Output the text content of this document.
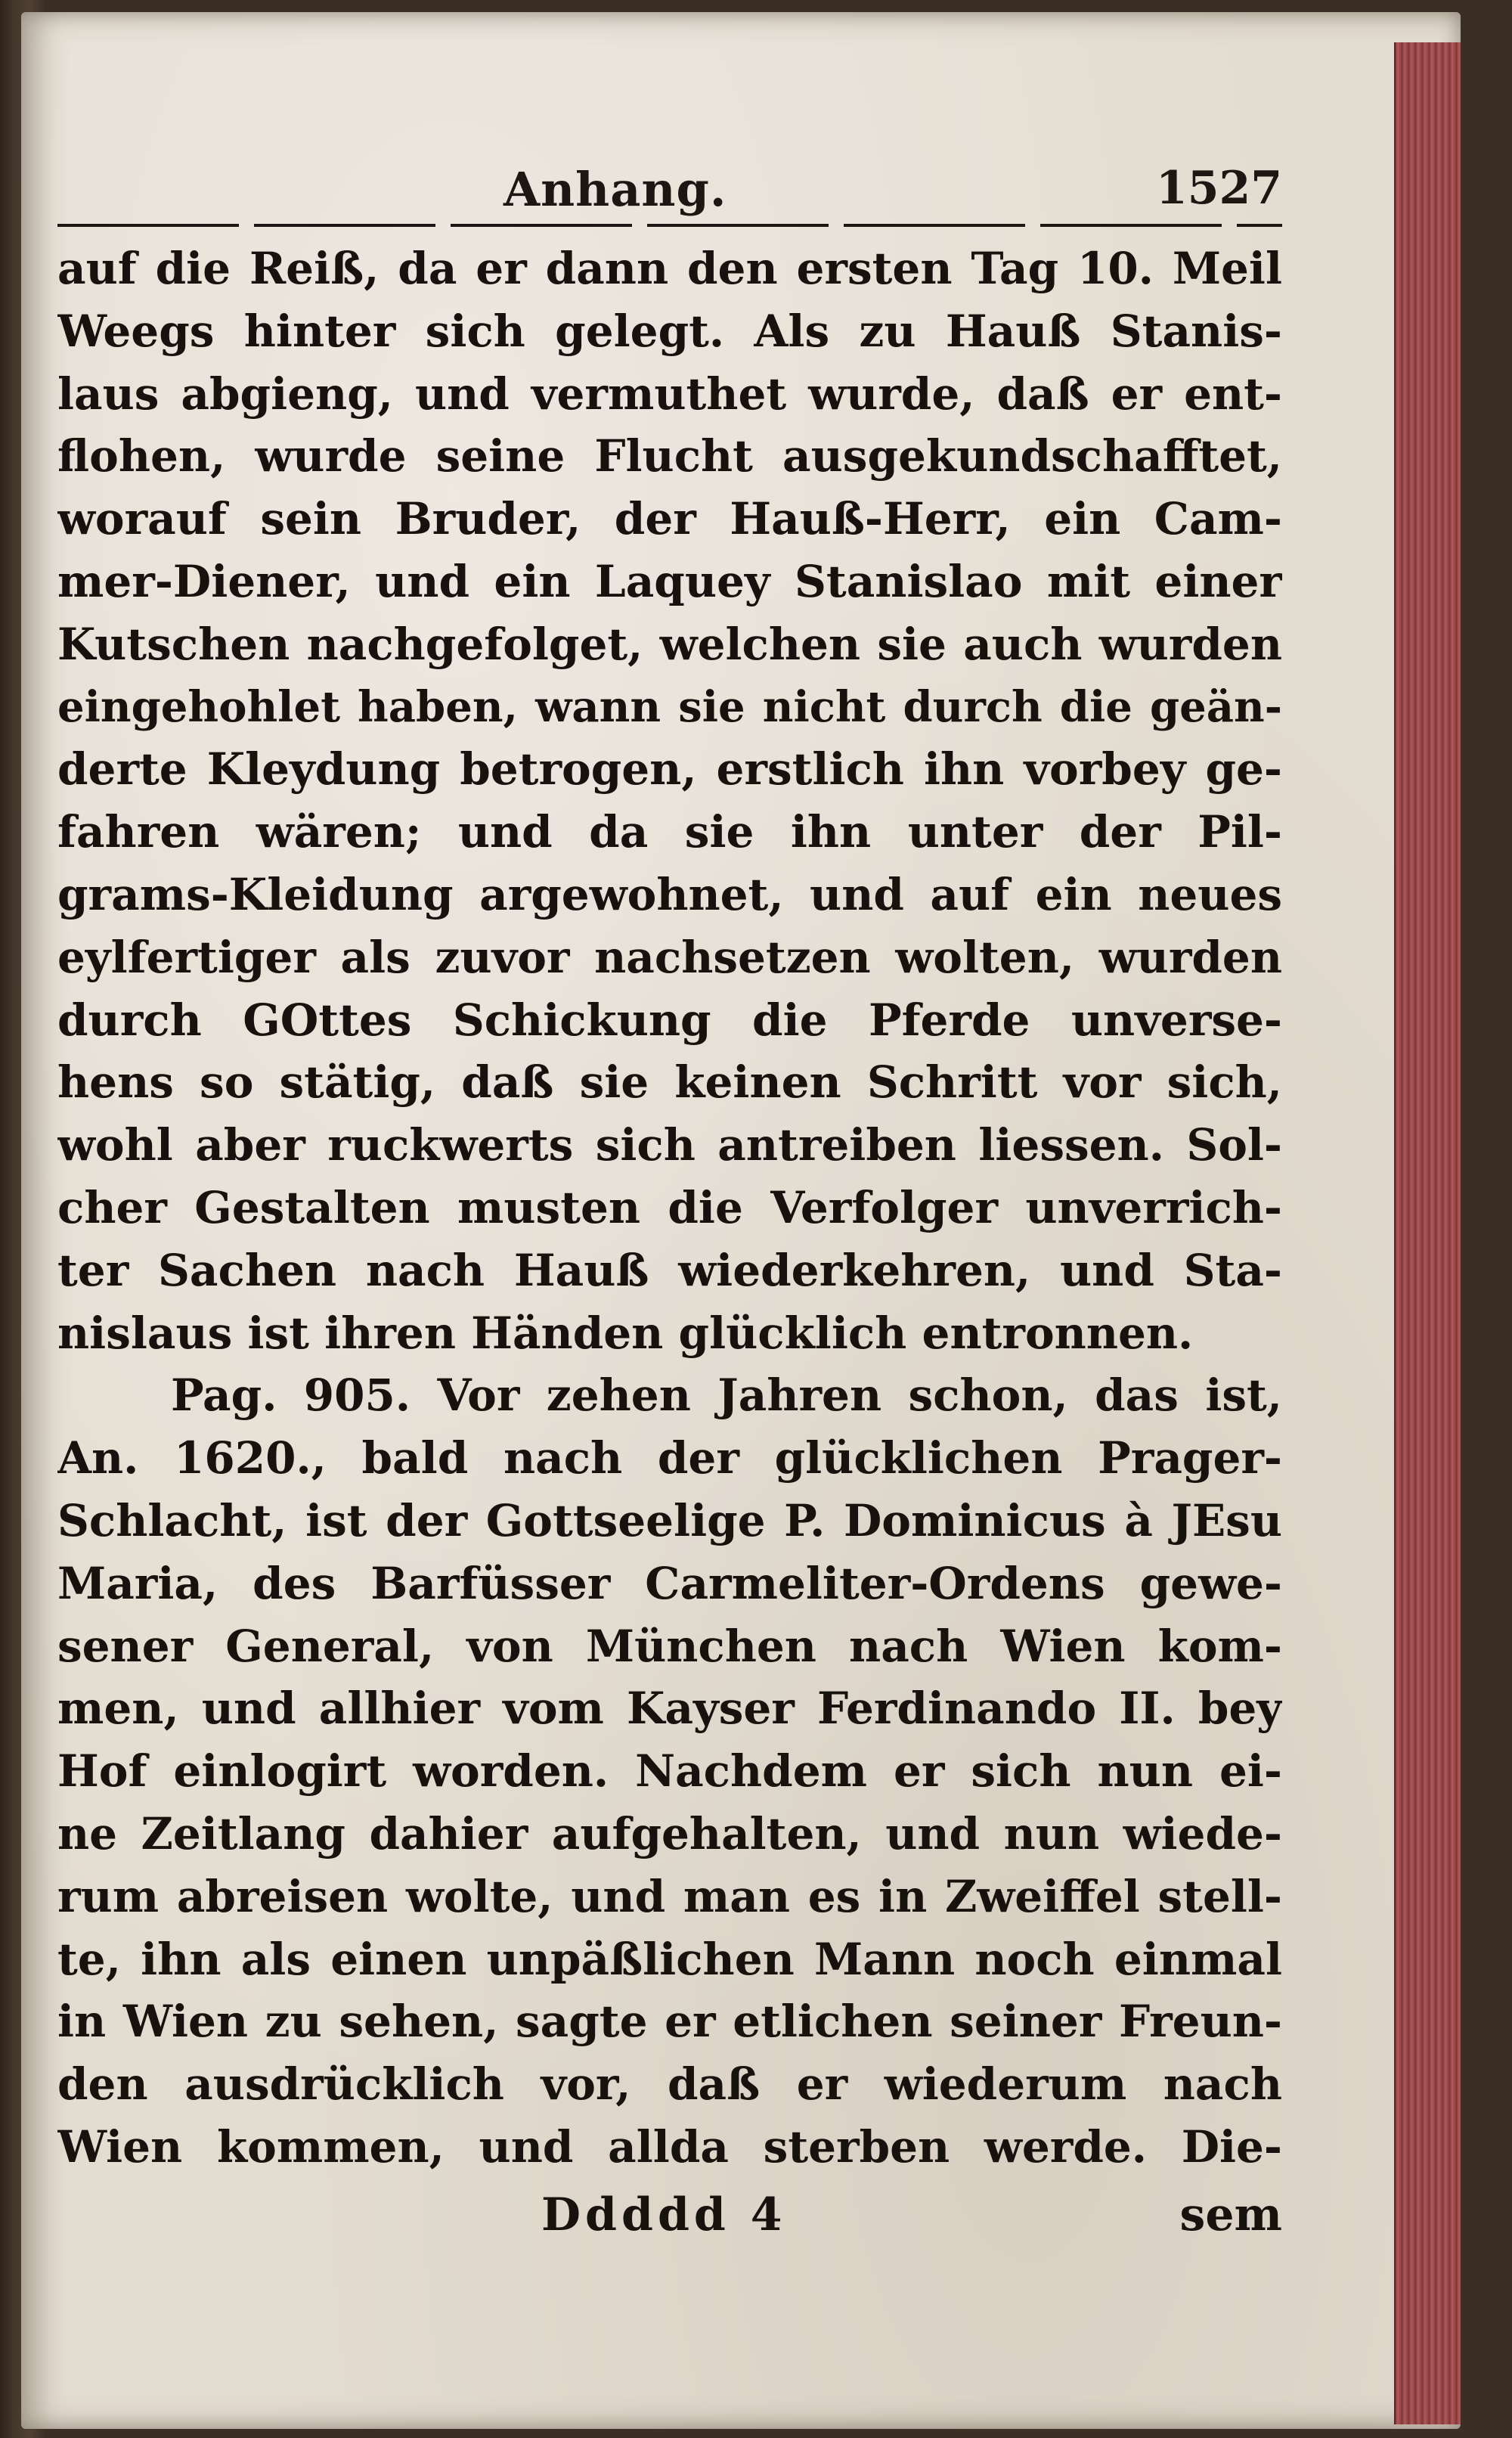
Anhang.	1527
auf die Reiß, da er dann den ersten Tag 10. Meil
Weegs hinter sich gelegt. Als zu Hauß Stanis-
laus abgieng, und vermuthet wurde, daß er ent-
flohen, wurde seine Flucht ausgekundschafftet,
worauf sein Bruder, der Hauß-Herr, ein Cam-
mer-Diener, und ein Laquey Stanislao mit einer
Kutschen nachgefolget, welchen sie auch wurden
eingehohlet haben, wann sie nicht durch die geän-
derte Kleydung betrogen, erstlich ihn vorbey ge-
fahren wären; und da sie ihn unter der Pil-
grams-Kleidung argewohnet, und auf ein neues
eylfertiger als zuvor nachsetzen wolten, wurden
durch GOttes Schickung die Pferde unverse-
hens so stätig, daß sie keinen Schritt vor sich,
wohl aber ruckwerts sich antreiben liessen. Sol-
cher Gestalten musten die Verfolger unverrich-
ter Sachen nach Hauß wiederkehren, und Sta-
nislaus ist ihren Händen glücklich entronnen.
Pag. 905. Vor zehen Jahren schon, das ist,
An. 1620., bald nach der glücklichen Prager-
Schlacht, ist der Gottseelige P. Dominicus à JEsu
Maria, des Barfüsser Carmeliter-Ordens gewe-
sener General, von München nach Wien kom-
men, und allhier vom Kayser Ferdinando II. bey
Hof einlogirt worden. Nachdem er sich nun ei-
ne Zeitlang dahier aufgehalten, und nun wiede-
rum abreisen wolte, und man es in Zweiffel stell-
te, ihn als einen unpäßlichen Mann noch einmal
in Wien zu sehen, sagte er etlichen seiner Freun-
den ausdrücklich vor, daß er wiederum nach
Wien kommen, und allda sterben werde. Die-
Ddddd 4	sem
